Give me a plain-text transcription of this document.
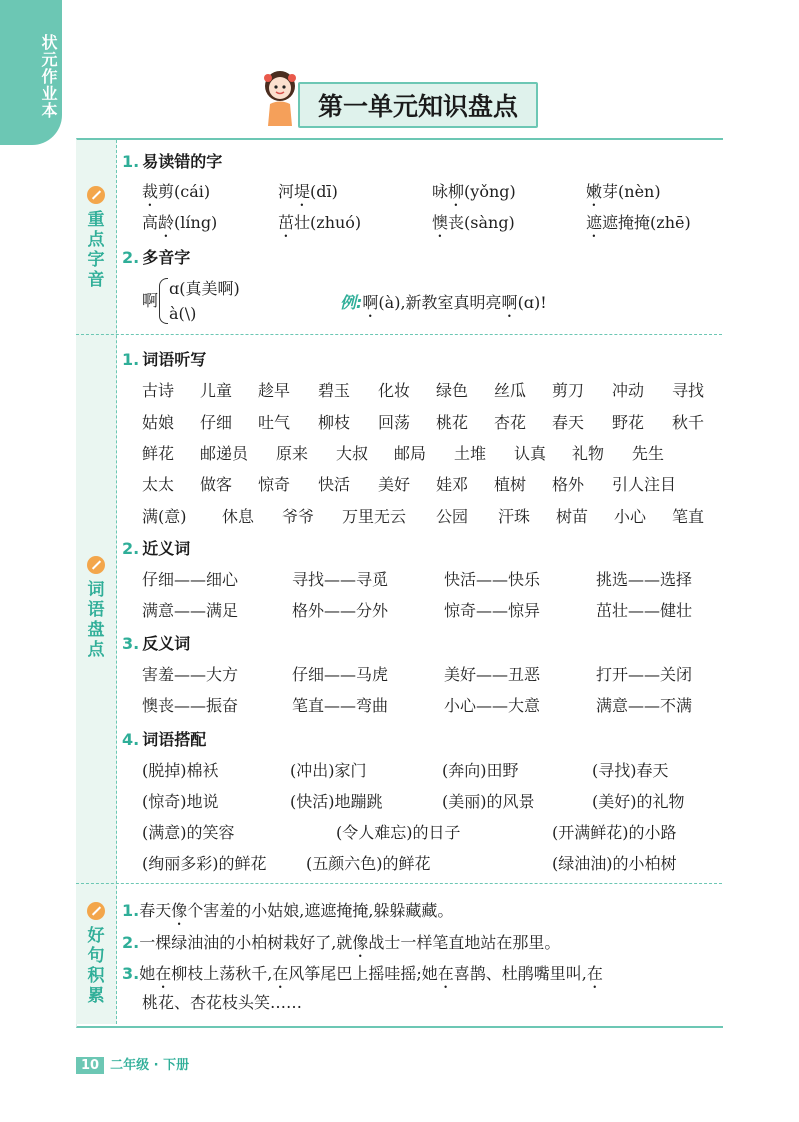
状元作业本	第一单元知识盘点
重点字音
词语盘点
好句积累
1. 易读错的字
裁剪(cái)	河堤(dī)	咏柳(yǒng)	嫩芽(nèn)
高龄(líng)	茁壮(zhuó)	懊丧(sàng)	遮遮掩掩(zhē)
2. 多音字
啊
ɑ(真美啊)
à(\)
例:啊(à),新教室真明亮啊(ɑ)!
1. 词语听写
古诗 儿童 趁早 碧玉 化妆 绿色 丝瓜 剪刀 冲动 寻找
姑娘 仔细 吐气 柳枝 回荡 桃花 杏花 春天 野花 秋千
鲜花 邮递员 原来 大叔 邮局 土堆 认真 礼物 先生
太太 做客 惊奇 快活 美好 娃邓 植树 格外 引人注目
满(意) 休息 爷爷 万里无云 公园 汗珠 树苗 小心 笔直
2. 近义词
仔细——细心	寻找——寻觅	快活——快乐	挑选——选择
满意——满足	格外——分外	惊奇——惊异	茁壮——健壮
3. 反义词
害羞——大方	仔细——马虎	美好——丑恶	打开——关闭
懊丧——振奋	笔直——弯曲	小心——大意	满意——不满
4. 词语搭配
(脱掉)棉袄	(冲出)家门	(奔向)田野	(寻找)春天
(惊奇)地说	(快活)地蹦跳	(美丽)的风景	(美好)的礼物
(满意)的笑容	(令人难忘)的日子	(开满鲜花)的小路
(绚丽多彩)的鲜花 (五颜六色)的鲜花	(绿油油)的小柏树
1.春天像个害羞的小姑娘,遮遮掩掩,躲躲藏藏。
2.一棵绿油油的小柏树栽好了,就像战士一样笔直地站在那里。
3.她在柳枝上荡秋千,在风筝尾巴上摇哇摇;她在喜鹊、杜鹃嘴里叫,在
桃花、杏花枝头笑……
10 二年级 · 下册
